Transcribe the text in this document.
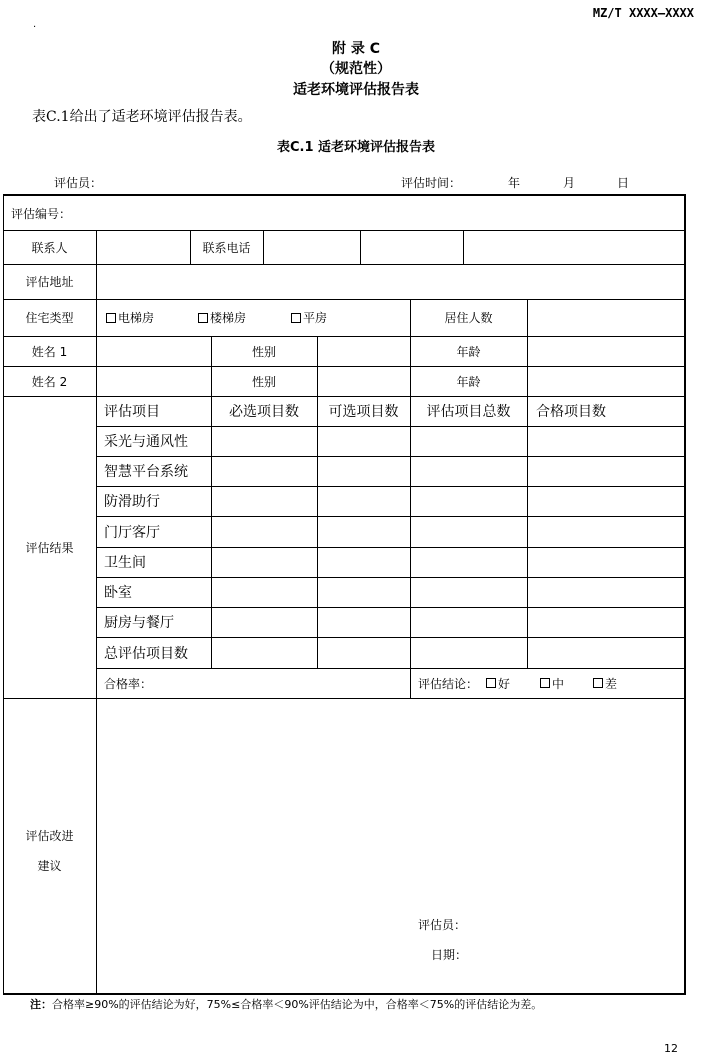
MZ/T XXXX—XXXX
.
附 录 C
（规范性）
适老环境评估报告表
表C.1给出了适老环境评估报告表。
表C.1 适老环境评估报告表
评估员：	评估时间：	年	月	日
评估编号：
联系人	联系电话
评估地址
住宅类型	电梯房	楼梯房	平房	居住人数
姓名 1	性别	年龄
姓名 2	性别	年龄
评估结果
评估项目	必选项目数	可选项目数	评估项目总数	合格项目数
采光与通风性
智慧平台系统
防滑助行
门厅客厅
卫生间
卧室
厨房与餐厅
总评估项目数
合格率：	评估结论： 好	中	差
评估改进
建议
评估员：
日期：
注：合格率≥90%的评估结论为好，75%≤合格率＜90%评估结论为中，合格率＜75%的评估结论为差。
12
